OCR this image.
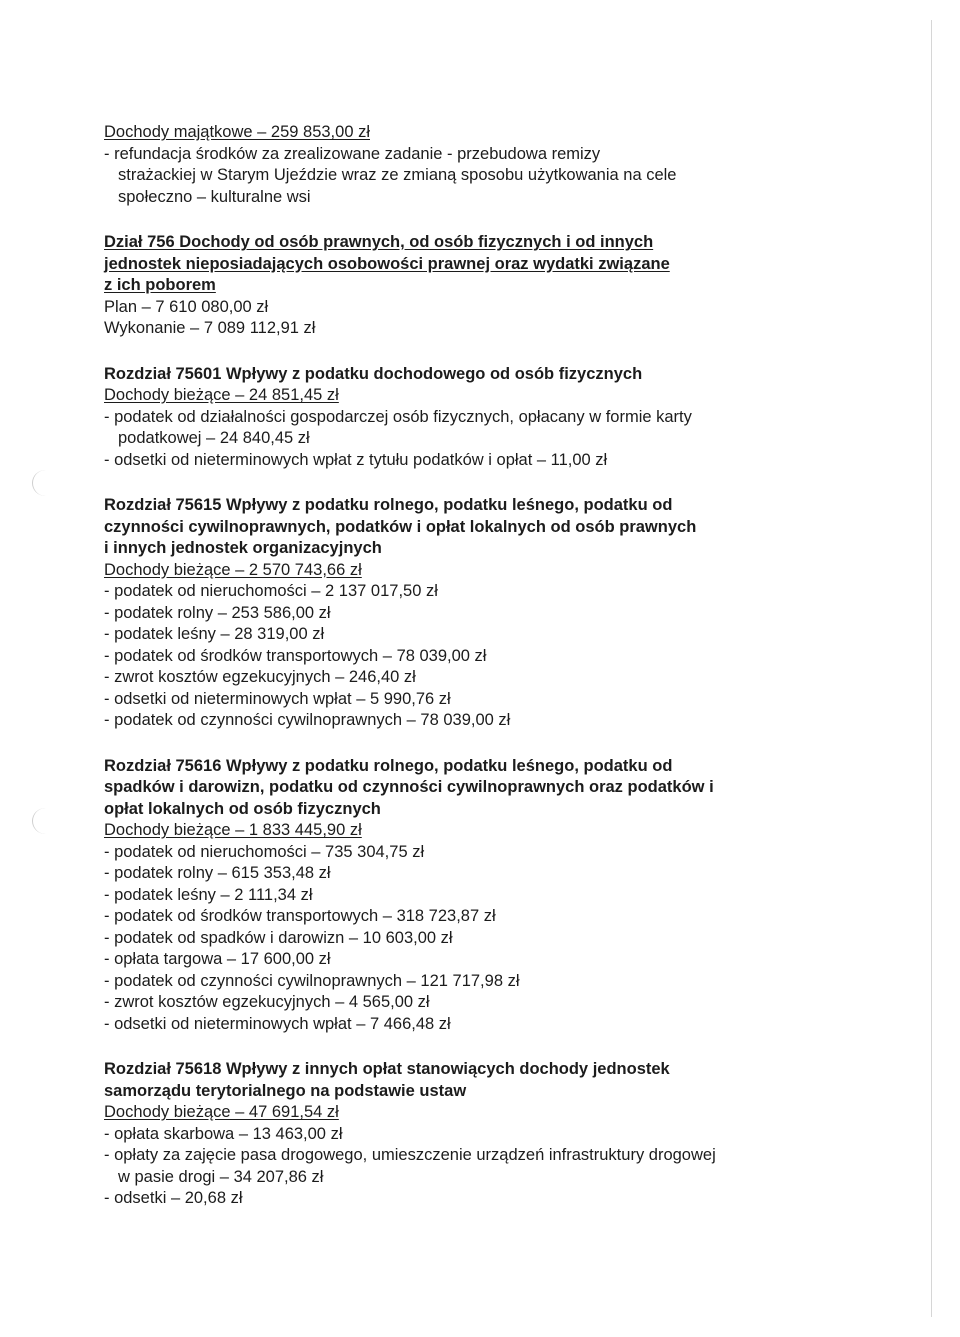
Dochody majątkowe – 259 853,00 zł
- refundacja środków za zrealizowane zadanie - przebudowa remizy
strażackiej w Starym Ujeździe wraz ze zmianą sposobu użytkowania na cele
społeczno – kulturalne wsi
Dział 756 Dochody od osób prawnych, od osób fizycznych i od innych
jednostek nieposiadających osobowości prawnej oraz wydatki związane
z ich poborem
Plan – 7 610 080,00 zł
Wykonanie – 7 089 112,91 zł
Rozdział 75601 Wpływy z podatku dochodowego od osób fizycznych
Dochody bieżące – 24 851,45 zł
- podatek od działalności gospodarczej osób fizycznych, opłacany w formie karty
podatkowej – 24 840,45 zł
- odsetki od nieterminowych wpłat z tytułu podatków i opłat – 11,00 zł
Rozdział 75615 Wpływy z podatku rolnego, podatku leśnego, podatku od
czynności cywilnoprawnych, podatków i opłat lokalnych od osób prawnych
i innych jednostek organizacyjnych
Dochody bieżące – 2 570 743,66 zł
- podatek od nieruchomości – 2 137 017,50 zł
- podatek rolny – 253 586,00 zł
- podatek leśny – 28 319,00 zł
- podatek od środków transportowych – 78 039,00 zł
- zwrot kosztów egzekucyjnych – 246,40 zł
- odsetki od nieterminowych wpłat – 5 990,76 zł
- podatek od czynności cywilnoprawnych – 78 039,00 zł
Rozdział 75616 Wpływy z podatku rolnego, podatku leśnego, podatku od
spadków i darowizn, podatku od czynności cywilnoprawnych oraz podatków i
opłat lokalnych od osób fizycznych
Dochody bieżące – 1 833 445,90 zł
- podatek od nieruchomości – 735 304,75 zł
- podatek rolny – 615 353,48 zł
- podatek leśny – 2 111,34 zł
- podatek od środków transportowych – 318 723,87 zł
- podatek od spadków i darowizn – 10 603,00 zł
- opłata targowa – 17 600,00 zł
- podatek od czynności cywilnoprawnych – 121 717,98 zł
- zwrot kosztów egzekucyjnych – 4 565,00 zł
- odsetki od nieterminowych wpłat – 7 466,48 zł
Rozdział 75618 Wpływy z innych opłat stanowiących dochody jednostek
samorządu terytorialnego na podstawie ustaw
Dochody bieżące – 47 691,54 zł
- opłata skarbowa – 13 463,00 zł
- opłaty za zajęcie pasa drogowego, umieszczenie urządzeń infrastruktury drogowej
w pasie drogi – 34 207,86 zł
- odsetki – 20,68 zł
